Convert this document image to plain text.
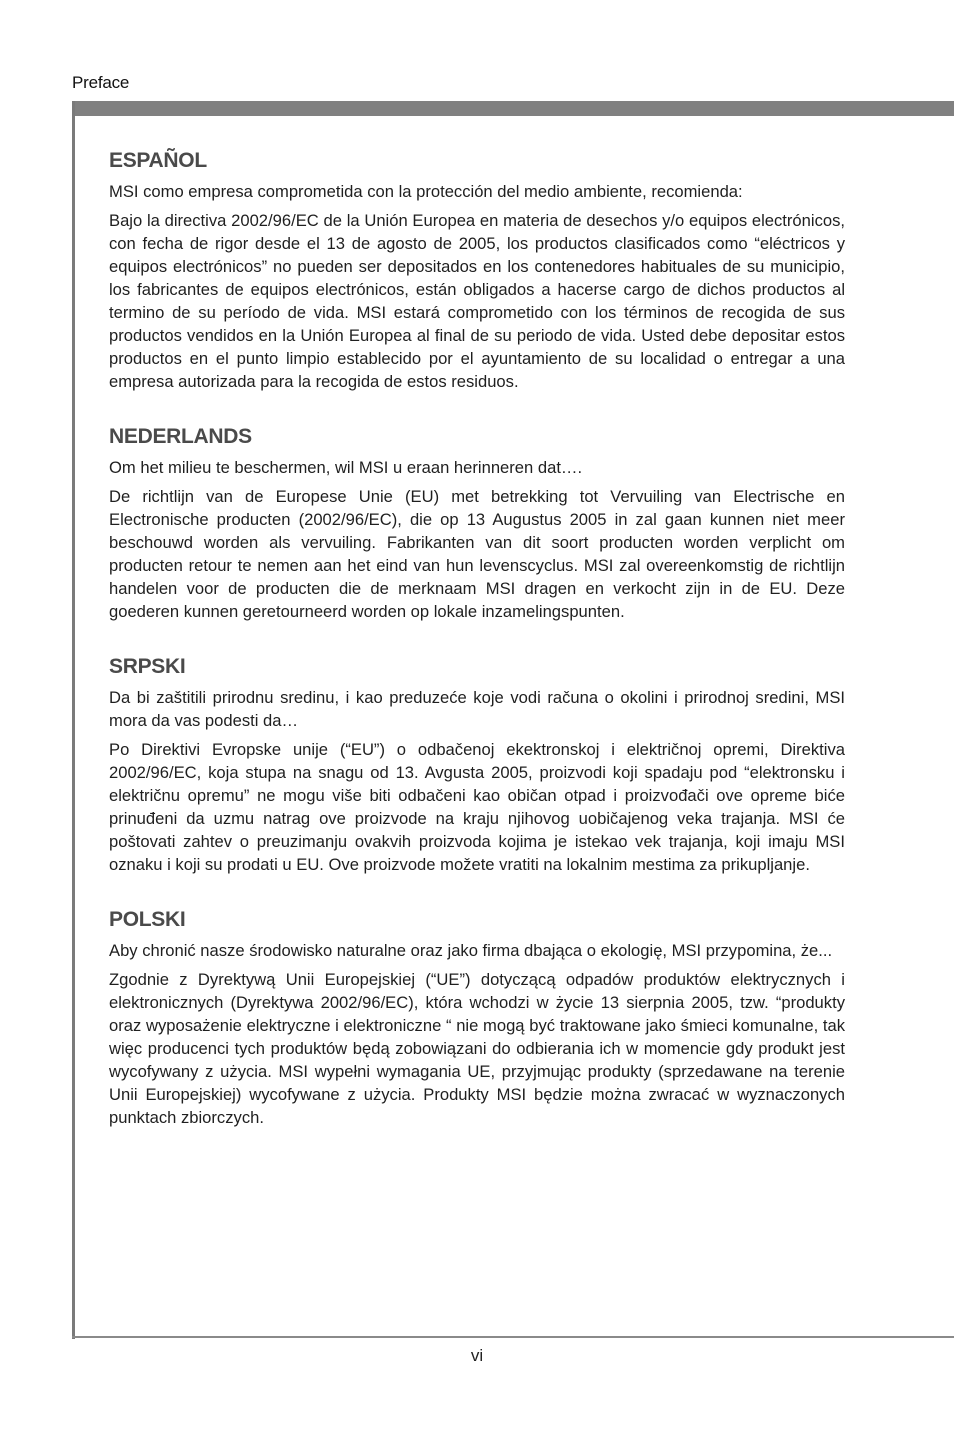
Preface
ESPAÑOL

MSI como empresa comprometida con la protección del medio ambiente, recomienda:

Bajo la directiva 2002/96/EC de la Unión Europea en materia de desechos y/o equipos electrónicos, con fecha de rigor desde el 13 de agosto de 2005, los productos clasificados como “eléctricos y equipos electrónicos” no pueden ser depositados en los contenedores habituales de su municipio, los fabricantes de equipos electrónicos, están obligados a hacerse cargo de dichos productos al termino de su período de vida. MSI estará comprometido con los términos de recogida de sus productos vendidos en la Unión Europea al final de su periodo de vida. Usted debe depositar estos productos en el punto limpio establecido por el ayuntamiento de su localidad o entregar a una empresa autorizada para la recogida de estos residuos.

NEDERLANDS

Om het milieu te beschermen, wil MSI u eraan herinneren dat….

De richtlijn van de Europese Unie (EU) met betrekking tot Vervuiling van Electrische en Electronische producten (2002/96/EC), die op 13 Augustus 2005 in zal gaan kunnen niet meer beschouwd worden als vervuiling. Fabrikanten van dit soort producten worden verplicht om producten retour te nemen aan het eind van hun levenscyclus. MSI zal overeenkomstig de richtlijn handelen voor de producten die de merknaam MSI dragen en verkocht zijn in de EU. Deze goederen kunnen geretourneerd worden op lokale inzamelingspunten.

SRPSKI

Da bi zaštitili prirodnu sredinu, i kao preduzeće koje vodi računa o okolini i prirodnoj sredini, MSI mora da vas podesti da…

Po Direktivi Evropske unije (“EU”) o odbačenoj ekektronskoj i električnoj opremi, Direktiva 2002/96/EC, koja stupa na snagu od 13. Avgusta 2005, proizvodi koji spadaju pod “elektronsku i električnu opremu” ne mogu više biti odbačeni kao običan otpad i proizvođači ove opreme biće prinuđeni da uzmu natrag ove proizvode na kraju njihovog uobičajenog veka trajanja. MSI će poštovati zahtev o preuzimanju ovakvih proizvoda kojima je istekao vek trajanja, koji imaju MSI oznaku i koji su prodati u EU. Ove proizvode možete vratiti na lokalnim mestima za prikupljanje.

POLSKI

Aby chronić nasze środowisko naturalne oraz jako firma dbająca o ekologię, MSI przypomina, że...

Zgodnie z Dyrektywą Unii Europejskiej (“UE”) dotyczącą odpadów produktów elektrycznych i elektronicznych (Dyrektywa 2002/96/EC), która wchodzi w życie 13 sierpnia 2005, tzw. “produkty oraz wyposażenie elektryczne i elektroniczne “ nie mogą być traktowane jako śmieci komunalne, tak więc producenci tych produktów będą zobowiązani do odbierania ich w momencie gdy produkt jest wycofywany z użycia. MSI wypełni wymagania UE, przyjmując produkty (sprzedawane na terenie Unii Europejskiej) wycofywane z użycia. Produkty MSI będzie można zwracać w wyznaczonych punktach zbiorczych.

vi
